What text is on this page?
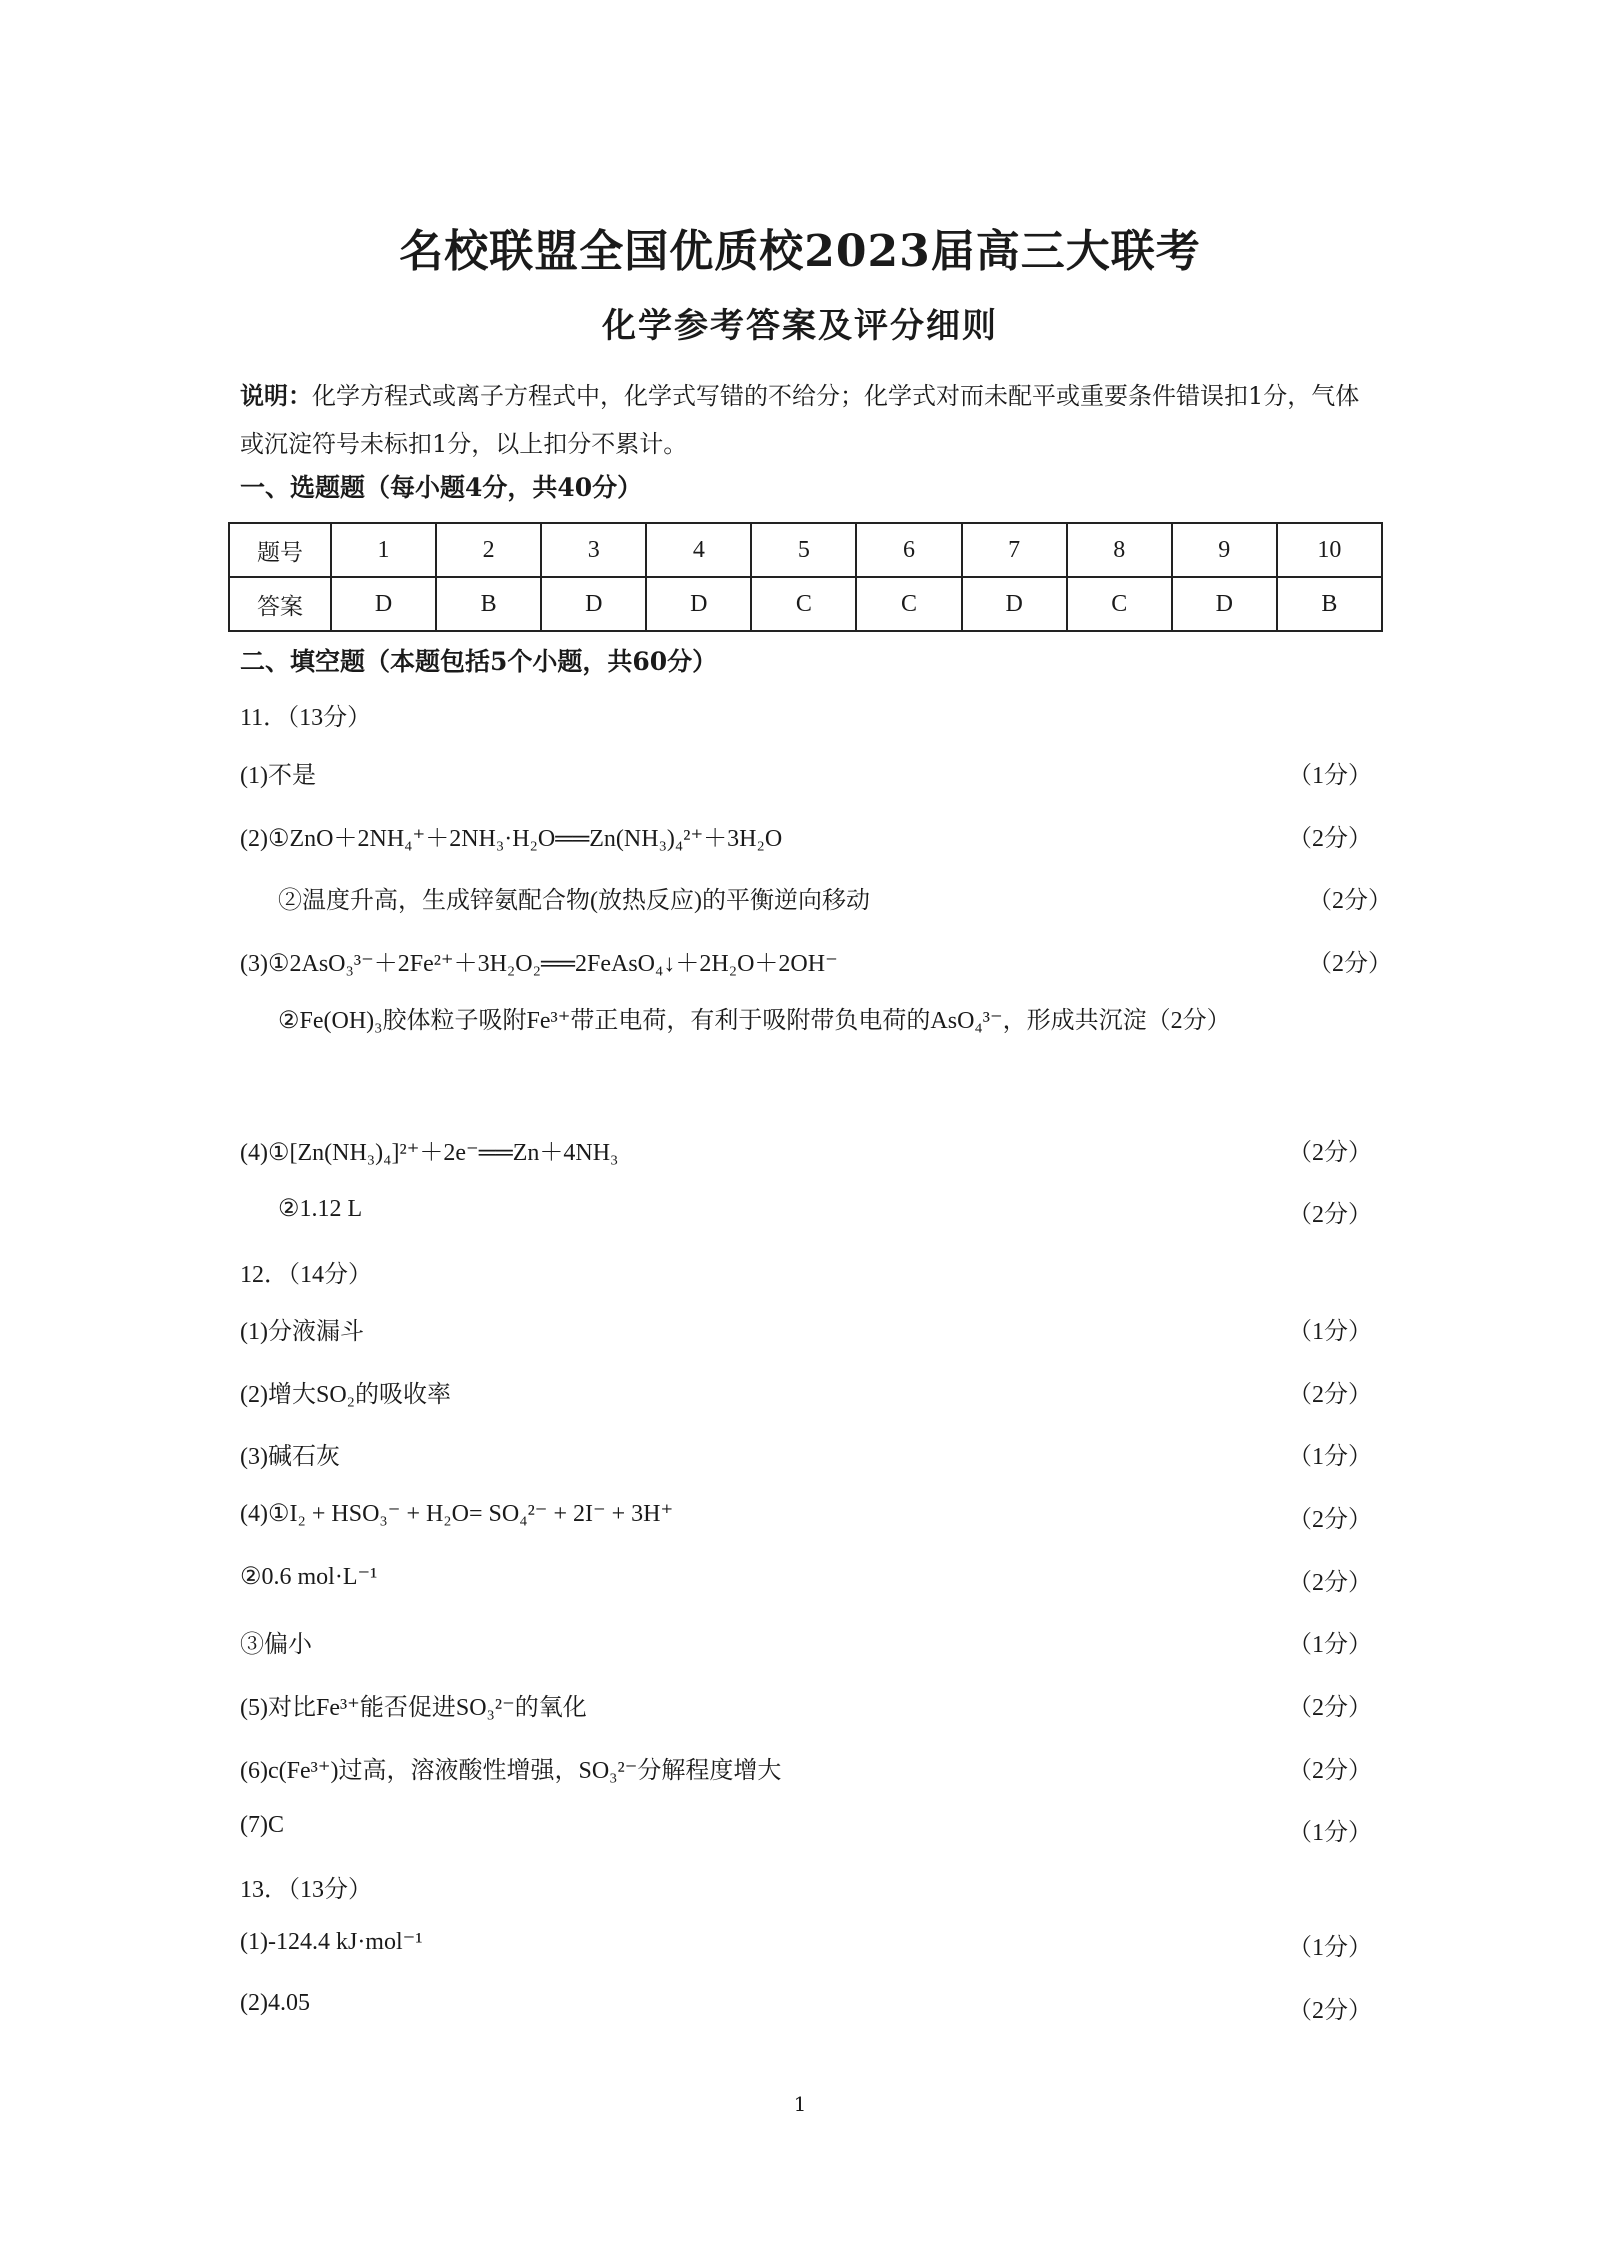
名校联盟全国优质校2023届高三大联考
化学参考答案及评分细则
说明：化学方程式或离子方程式中，化学式写错的不给分；化学式对而未配平或重要条件错误扣1分，气体或沉淀符号未标扣1分，以上扣分不累计。
一、选题题（每小题4分，共40分）
题号	1	2	3	4	5	6	7	8	9	10
答案	D	B	D	D	C	C	D	C	D	B
二、填空题（本题包括5个小题，共60分）
11．（13分）
(1)不是	（1分）
(2)①ZnO＋2NH₄⁺＋2NH₃·H₂O══Zn(NH₃)₄²⁺＋3H₂O	（2分）
②温度升高，生成锌氨配合物(放热反应)的平衡逆向移动	（2分）
(3)①2AsO₃³⁻＋2Fe²⁺＋3H₂O₂══2FeAsO₄↓＋2H₂O＋2OH⁻	（2分）
②Fe(OH)₃胶体粒子吸附Fe³⁺带正电荷，有利于吸附带负电荷的AsO₄³⁻，形成共沉淀（2分）
(4)①[Zn(NH₃)₄]²⁺＋2e⁻══Zn＋4NH₃	（2分）
②1.12 L	（2分）
12．（14分）
(1)分液漏斗	（1分）
(2)增大SO₂的吸收率	（2分）
(3)碱石灰	（1分）
(4)①I₂ + HSO₃⁻ + H₂O= SO₄²⁻ + 2I⁻ + 3H⁺	（2分）
②0.6 mol·L⁻¹	（2分）
③偏小	（1分）
(5)对比Fe³⁺能否促进SO₃²⁻的氧化	（2分）
(6)c(Fe³⁺)过高，溶液酸性增强，SO₃²⁻分解程度增大	（2分）
(7)C	（1分）
13．（13分）
(1)-124.4 kJ·mol⁻¹	（1分）
(2)4.05	（2分）
1
